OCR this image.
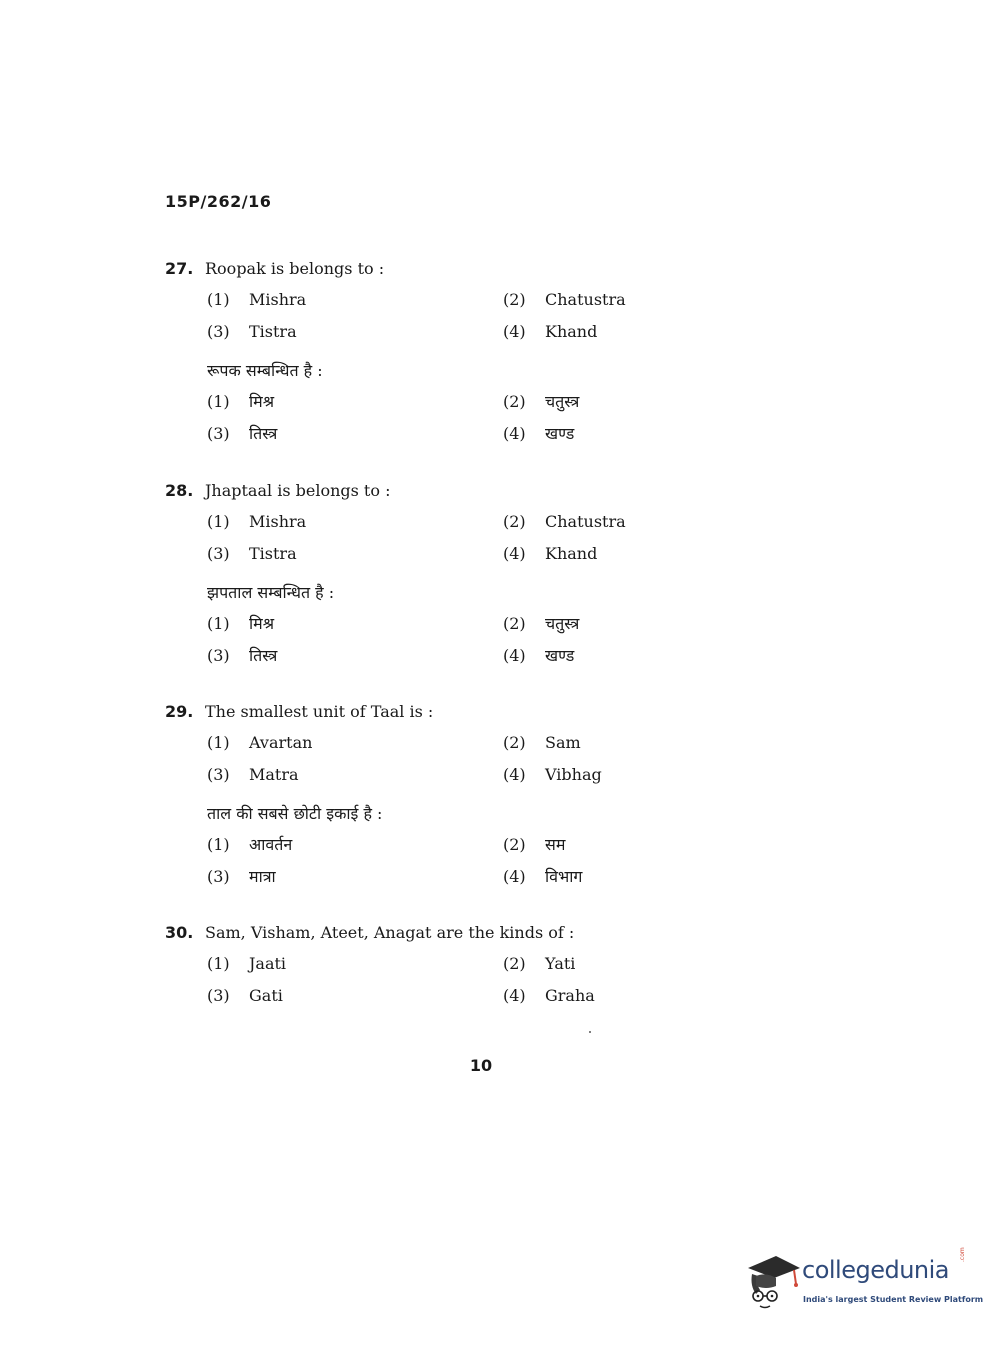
15P/262/16
27. Roopak is belongs to :
(1) Mishra	(2) Chatustra
(3) Tistra	(4) Khand
रूपक सम्बन्धित है :
(1) मिश्र	(2) चतुस्त्र
(3) तिस्त्र	(4) खण्ड
28. Jhaptaal is belongs to :
(1) Mishra	(2) Chatustra
(3) Tistra	(4) Khand
झपताल सम्बन्धित है :
(1) मिश्र	(2) चतुस्त्र
(3) तिस्त्र	(4) खण्ड
29. The smallest unit of Taal is :
(1) Avartan	(2) Sam
(3) Matra	(4) Vibhag
ताल की सबसे छोटी इकाई है :
(1) आवर्तन	(2) सम
(3) मात्रा	(4) विभाग
30. Sam, Visham, Ateet, Anagat are the kinds of :
(1) Jaati	(2) Yati
(3) Gati	(4) Graha
10
collegedunia
.com
India's largest Student Review Platform
